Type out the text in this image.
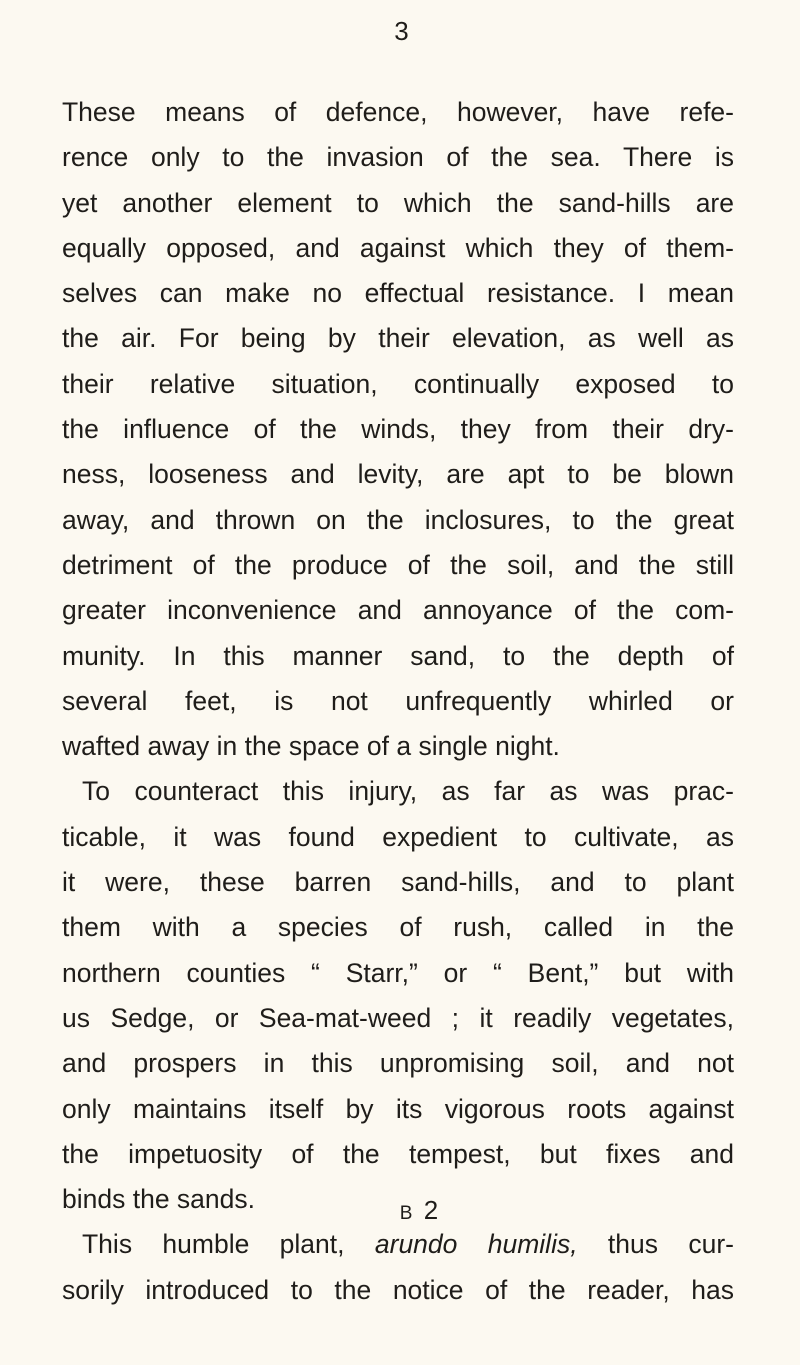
3
These means of defence, however, have refe-
rence only to the invasion of the sea. There is
yet another element to which the sand-hills are
equally opposed, and against which they of them-
selves can make no effectual resistance. I mean
the air. For being by their elevation, as well as
their relative situation, continually exposed to
the influence of the winds, they from their dry-
ness, looseness and levity, are apt to be blown
away, and thrown on the inclosures, to the great
detriment of the produce of the soil, and the still
greater inconvenience and annoyance of the com-
munity. In this manner sand, to the depth of
several feet, is not unfrequently whirled or
wafted away in the space of a single night.
To counteract this injury, as far as was prac-
ticable, it was found expedient to cultivate, as
it were, these barren sand-hills, and to plant
them with a species of rush, called in the
northern counties “ Starr,” or “ Bent,” but with
us Sedge, or Sea-mat-weed ; it readily vegetates,
and prospers in this unpromising soil, and not
only maintains itself by its vigorous roots against
the impetuosity of the tempest, but fixes and
binds the sands.
This humble plant, arundo humilis, thus cur-
sorily introduced to the notice of the reader, has
B 2
